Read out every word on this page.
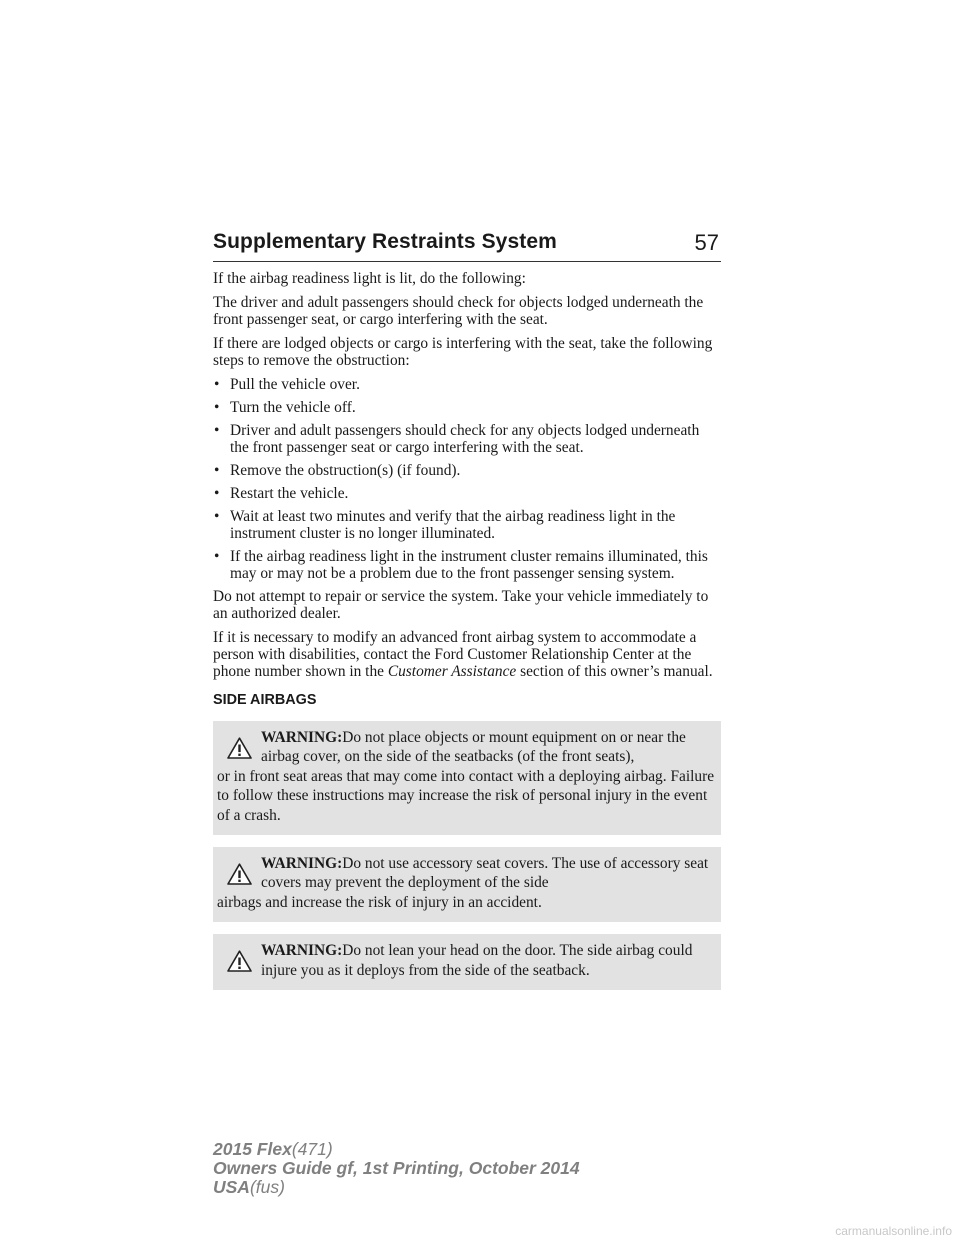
Supplementary Restraints System	57

If the airbag readiness light is lit, do the following:

The driver and adult passengers should check for objects lodged underneath the front passenger seat, or cargo interfering with the seat.

If there are lodged objects or cargo is interfering with the seat, take the following steps to remove the obstruction:

• Pull the vehicle over.
• Turn the vehicle off.
• Driver and adult passengers should check for any objects lodged underneath the front passenger seat or cargo interfering with the seat.
• Remove the obstruction(s) (if found).
• Restart the vehicle.
• Wait at least two minutes and verify that the airbag readiness light in the instrument cluster is no longer illuminated.
• If the airbag readiness light in the instrument cluster remains illuminated, this may or may not be a problem due to the front passenger sensing system.

Do not attempt to repair or service the system. Take your vehicle immediately to an authorized dealer.

If it is necessary to modify an advanced front airbag system to accommodate a person with disabilities, contact the Ford Customer Relationship Center at the phone number shown in the Customer Assistance section of this owner’s manual.

SIDE AIRBAGS
WARNING:Do not place objects or mount equipment on or near the airbag cover, on the side of the seatbacks (of the front seats),
or in front seat areas that may come into contact with a deploying airbag. Failure to follow these instructions may increase the risk of personal injury in the event of a crash.
WARNING:Do not use accessory seat covers. The use of accessory seat covers may prevent the deployment of the side
airbags and increase the risk of injury in an accident.
WARNING:Do not lean your head on the door. The side airbag could injure you as it deploys from the side of the seatback.
2015 Flex(471)
Owners Guide gf, 1st Printing, October 2014
USA(fus)
carmanualsonline.info
